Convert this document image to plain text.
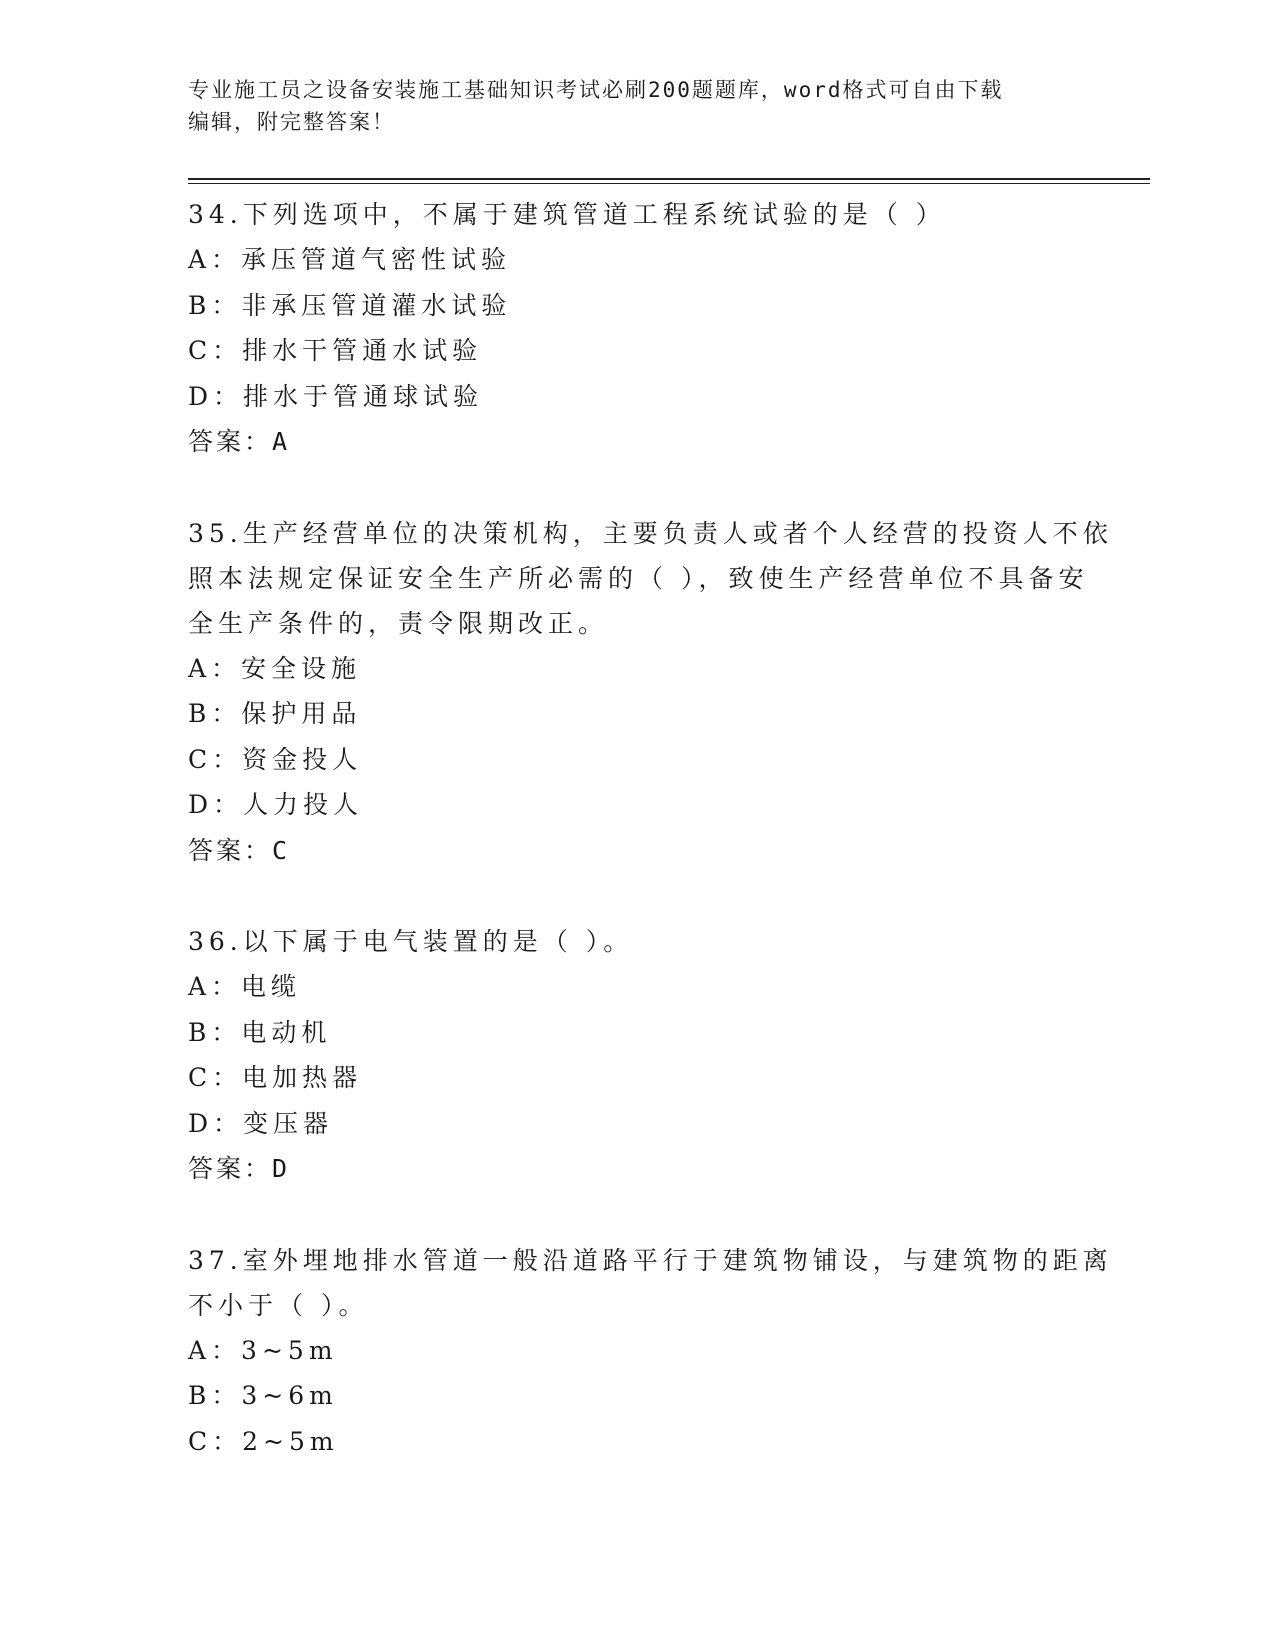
专业施工员之设备安装施工基础知识考试必刷200题题库，word格式可自由下载
编辑，附完整答案！
34.下列选项中，不属于建筑管道工程系统试验的是（ ）
A：承压管道气密性试验
B：非承压管道灌水试验
C：排水干管通水试验
D：排水于管通球试验
答案：A
35.生产经营单位的决策机构，主要负责人或者个人经营的投资人不依
照本法规定保证安全生产所必需的（ ），致使生产经营单位不具备安
全生产条件的，责令限期改正。
A：安全设施
B：保护用品
C：资金投人
D：人力投人
答案：C
36.以下属于电气装置的是（ ）。
A：电缆
B：电动机
C：电加热器
D：变压器
答案：D
37.室外埋地排水管道一般沿道路平行于建筑物铺设，与建筑物的距离
不小于（ ）。
A：3~5m
B：3~6m
C：2~5m
